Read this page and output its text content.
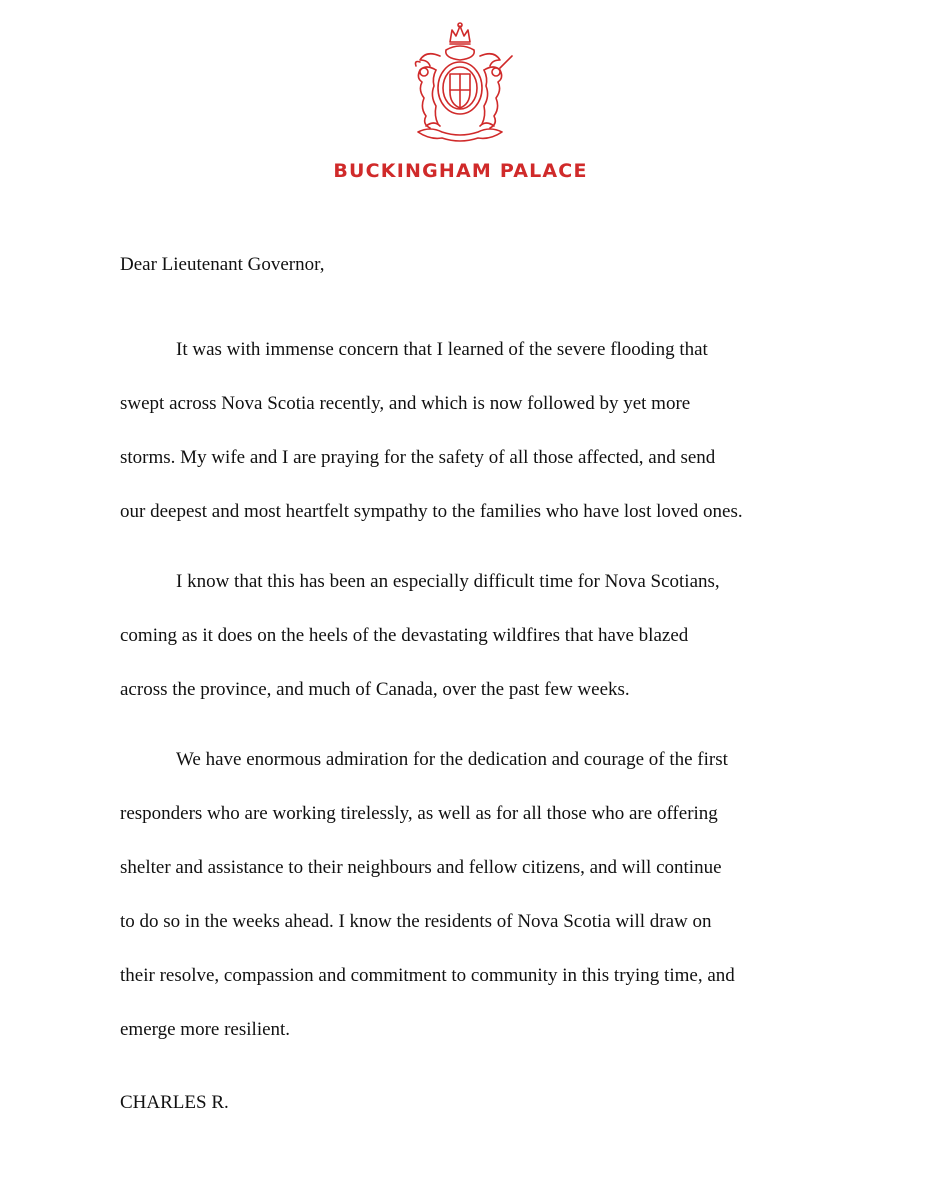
BUCKINGHAM PALACE
Dear Lieutenant Governor,
It was with immense concern that I learned of the severe flooding that
swept across Nova Scotia recently, and which is now followed by yet more
storms. My wife and I are praying for the safety of all those affected, and send
our deepest and most heartfelt sympathy to the families who have lost loved ones.
I know that this has been an especially difficult time for Nova Scotians,
coming as it does on the heels of the devastating wildfires that have blazed
across the province, and much of Canada, over the past few weeks.
We have enormous admiration for the dedication and courage of the first
responders who are working tirelessly, as well as for all those who are offering
shelter and assistance to their neighbours and fellow citizens, and will continue
to do so in the weeks ahead. I know the residents of Nova Scotia will draw on
their resolve, compassion and commitment to community in this trying time, and
emerge more resilient.
CHARLES R.
